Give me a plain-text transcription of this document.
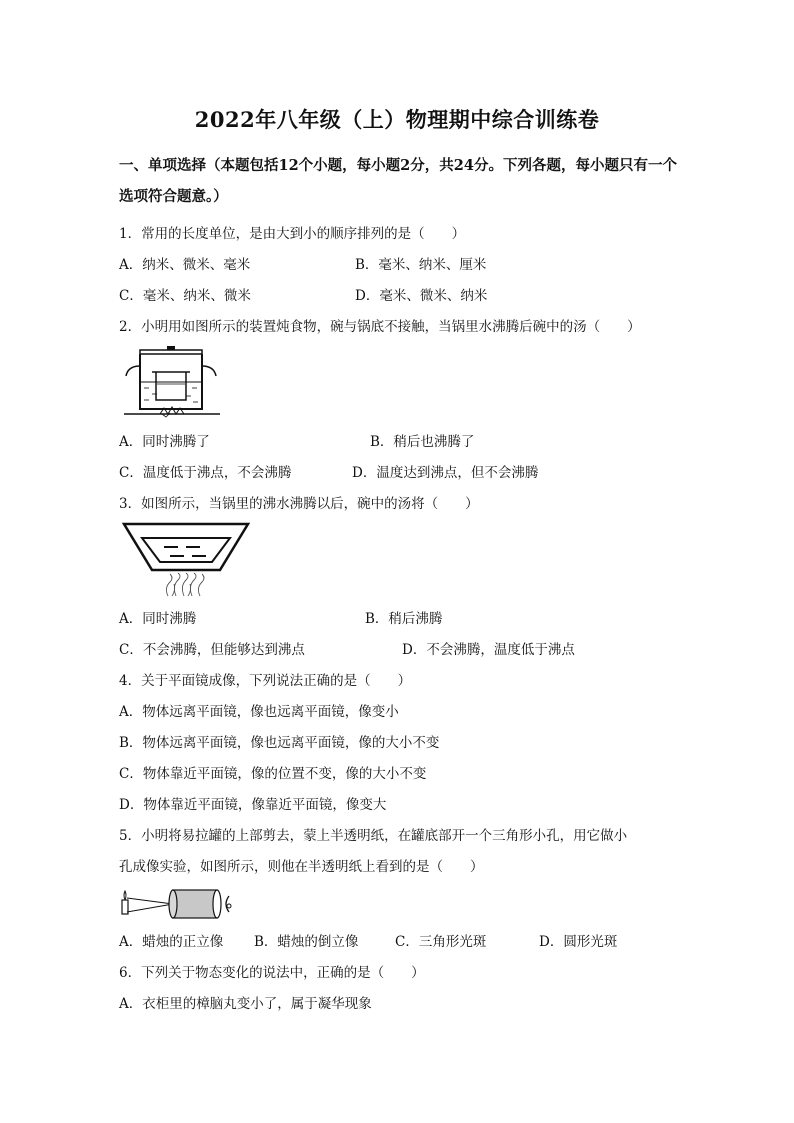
2022年八年级（上）物理期中综合训练卷
一、单项选择（本题包括12个小题，每小题2分，共24分。下列各题，每小题只有一个选项符合题意。）
1．常用的长度单位，是由大到小的顺序排列的是（　　）
A．纳米、微米、毫米	B．毫米、纳米、厘米
C．毫米、纳米、微米	D．毫米、微米、纳米
2．小明用如图所示的装置炖食物，碗与锅底不接触，当锅里水沸腾后碗中的汤（　　）
A．同时沸腾了	B．稍后也沸腾了
C．温度低于沸点，不会沸腾	D．温度达到沸点，但不会沸腾
3．如图所示，当锅里的沸水沸腾以后，碗中的汤将（　　）
A．同时沸腾	B．稍后沸腾
C．不会沸腾，但能够达到沸点	D．不会沸腾，温度低于沸点
4．关于平面镜成像，下列说法正确的是（　　）
A．物体远离平面镜，像也远离平面镜，像变小
B．物体远离平面镜，像也远离平面镜，像的大小不变
C．物体靠近平面镜，像的位置不变，像的大小不变
D．物体靠近平面镜，像靠近平面镜，像变大
5．小明将易拉罐的上部剪去，蒙上半透明纸，在罐底部开一个三角形小孔，用它做小
孔成像实验，如图所示，则他在半透明纸上看到的是（　　）
A．蜡烛的正立像 B．蜡烛的倒立像	C．三角形光斑	D．圆形光斑
6．下列关于物态变化的说法中，正确的是（　　）
A．衣柜里的樟脑丸变小了，属于凝华现象
